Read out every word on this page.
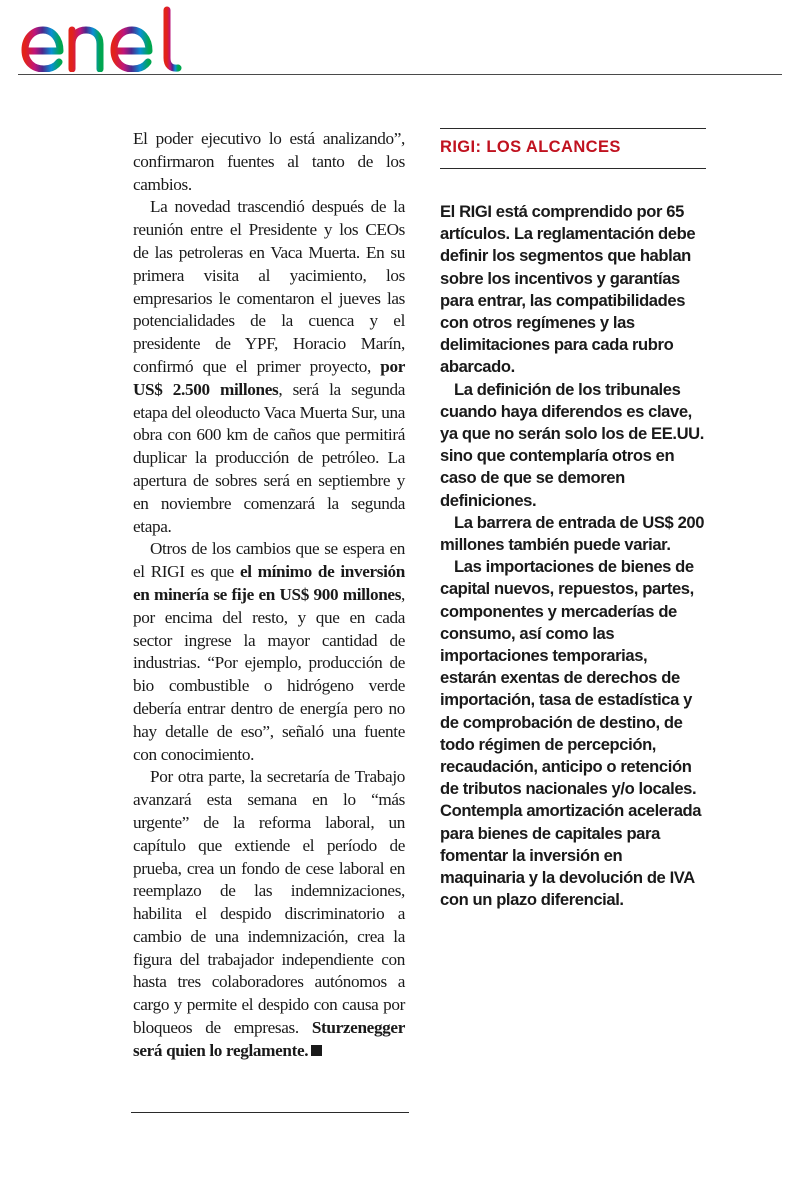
El poder ejecutivo lo está analizando”, confirmaron fuentes al tanto de los cambios.

La novedad trascendió después de la reunión entre el Presidente y los CEOs de las petroleras en Vaca Muerta. En su primera visita al yacimiento, los empresarios le comentaron el jueves las potencialidades de la cuenca y el presidente de YPF, Horacio Marín, confirmó que el primer proyecto, por US$ 2.500 millones, será la segunda etapa del oleoducto Vaca Muerta Sur, una obra con 600 km de caños que permitirá duplicar la producción de petróleo. La apertura de sobres será en septiembre y en noviembre comenzará la segunda etapa.

Otros de los cambios que se espera en el RIGI es que el mínimo de inversión en minería se fije en US$ 900 millones, por encima del resto, y que en cada sector ingrese la mayor cantidad de industrias. “Por ejemplo, producción de bio combustible o hidrógeno verde debería entrar dentro de energía pero no hay detalle de eso”, señaló una fuente con conocimiento.

Por otra parte, la secretaría de Trabajo avanzará esta semana en lo “más urgente” de la reforma laboral, un capítulo que extiende el período de prueba, crea un fondo de cese laboral en reemplazo de las indemnizaciones, habilita el despido discriminatorio a cambio de una indemnización, crea la figura del trabajador independiente con hasta tres colaboradores autónomos a cargo y permite el despido con causa por bloqueos de empresas. Sturzenegger será quien lo reglamente.

RIGI: LOS ALCANCES

El RIGI está comprendido por 65 artículos. La reglamentación debe definir los segmentos que hablan sobre los incentivos y garantías para entrar, las compatibilidades con otros regímenes y las delimitaciones para cada rubro abarcado.

La definición de los tribunales cuando haya diferendos es clave, ya que no serán solo los de EE.UU. sino que contemplaría otros en caso de que se demoren definiciones.

La barrera de entrada de US$ 200 millones también puede variar.

Las importaciones de bienes de capital nuevos, repuestos, partes, componentes y mercaderías de consumo, así como las importaciones temporarias, estarán exentas de derechos de importación, tasa de estadística y de comprobación de destino, de todo régimen de percepción, recaudación, anticipo o retención de tributos nacionales y/o locales. Contempla amortización acelerada para bienes de capitales para fomentar la inversión en maquinaria y la devolución de IVA con un plazo diferencial.
